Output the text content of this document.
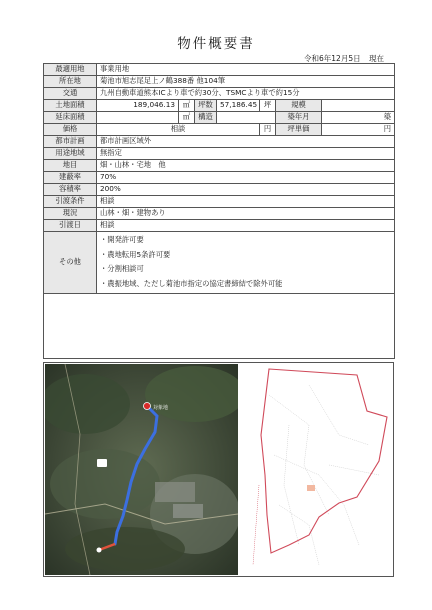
物件概要書
令和6年12月5日 現在
最適用地	事業用地						
所在地	菊池市旭志尾足上ノ鶴388番 他104筆						
交通	九州自動車道熊本ICより車で約30分、TSMCより車で約15分						
土地面積	189,046.13	㎡	坪数	57,186.45	坪	規模	
延床面積		㎡	構造			築年月	築
価格	相談				円	坪単価	円
都市計画	都市計画区域外						
用途地域	無指定						
地目	畑・山林・宅地　他						
建蔽率	70%						
容積率	200%						
引渡条件	相談						
現況	山林・畑・建物あり						
引渡日	相談						
その他	・開発許可要
・農地転用5条許可要
・分割相談可
・農振地域、ただし菊池市指定の協定書締結で除外可能						

対象地
